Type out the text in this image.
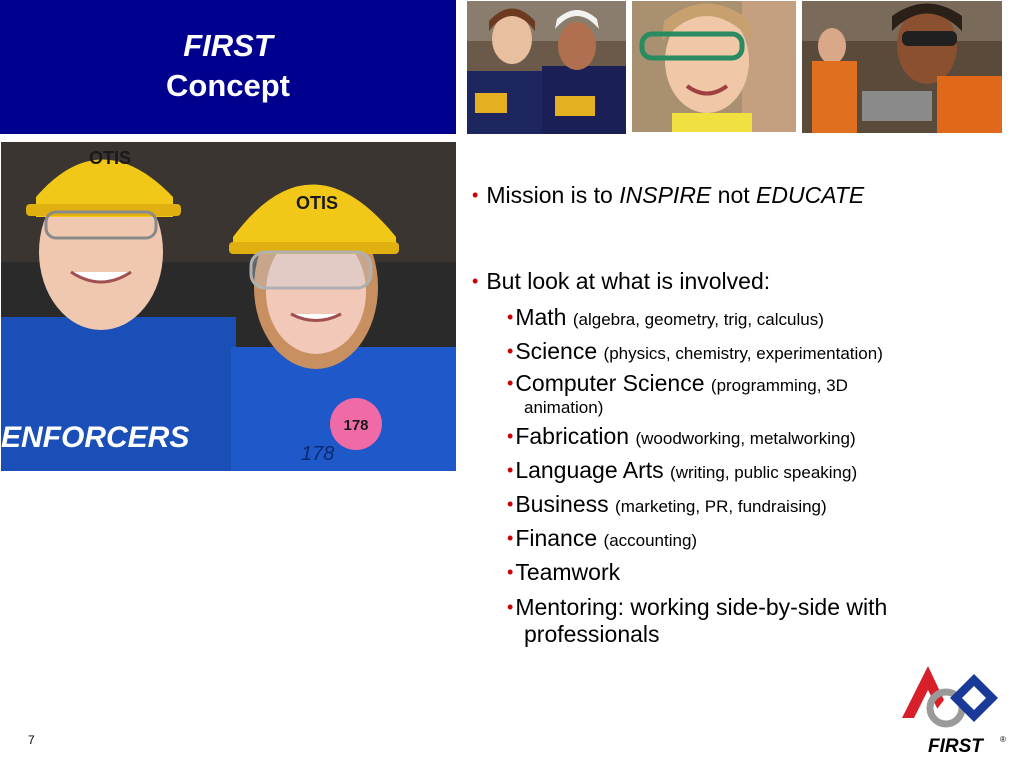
FIRST
Concept
OTIS
OTIS
ENFORCERS	178
178
• Mission is to INSPIRE not EDUCATE
• But look at what is involved:
•Math (algebra, geometry, trig, calculus)
•Science (physics, chemistry, experimentation)
•Computer Science (programming, 3D
animation)
•Fabrication (woodworking, metalworking)
•Language Arts (writing, public speaking)
•Business (marketing, PR, fundraising)
•Finance (accounting)
•Teamwork
•Mentoring: working side-by-side with
professionals
7	FIRST ®
